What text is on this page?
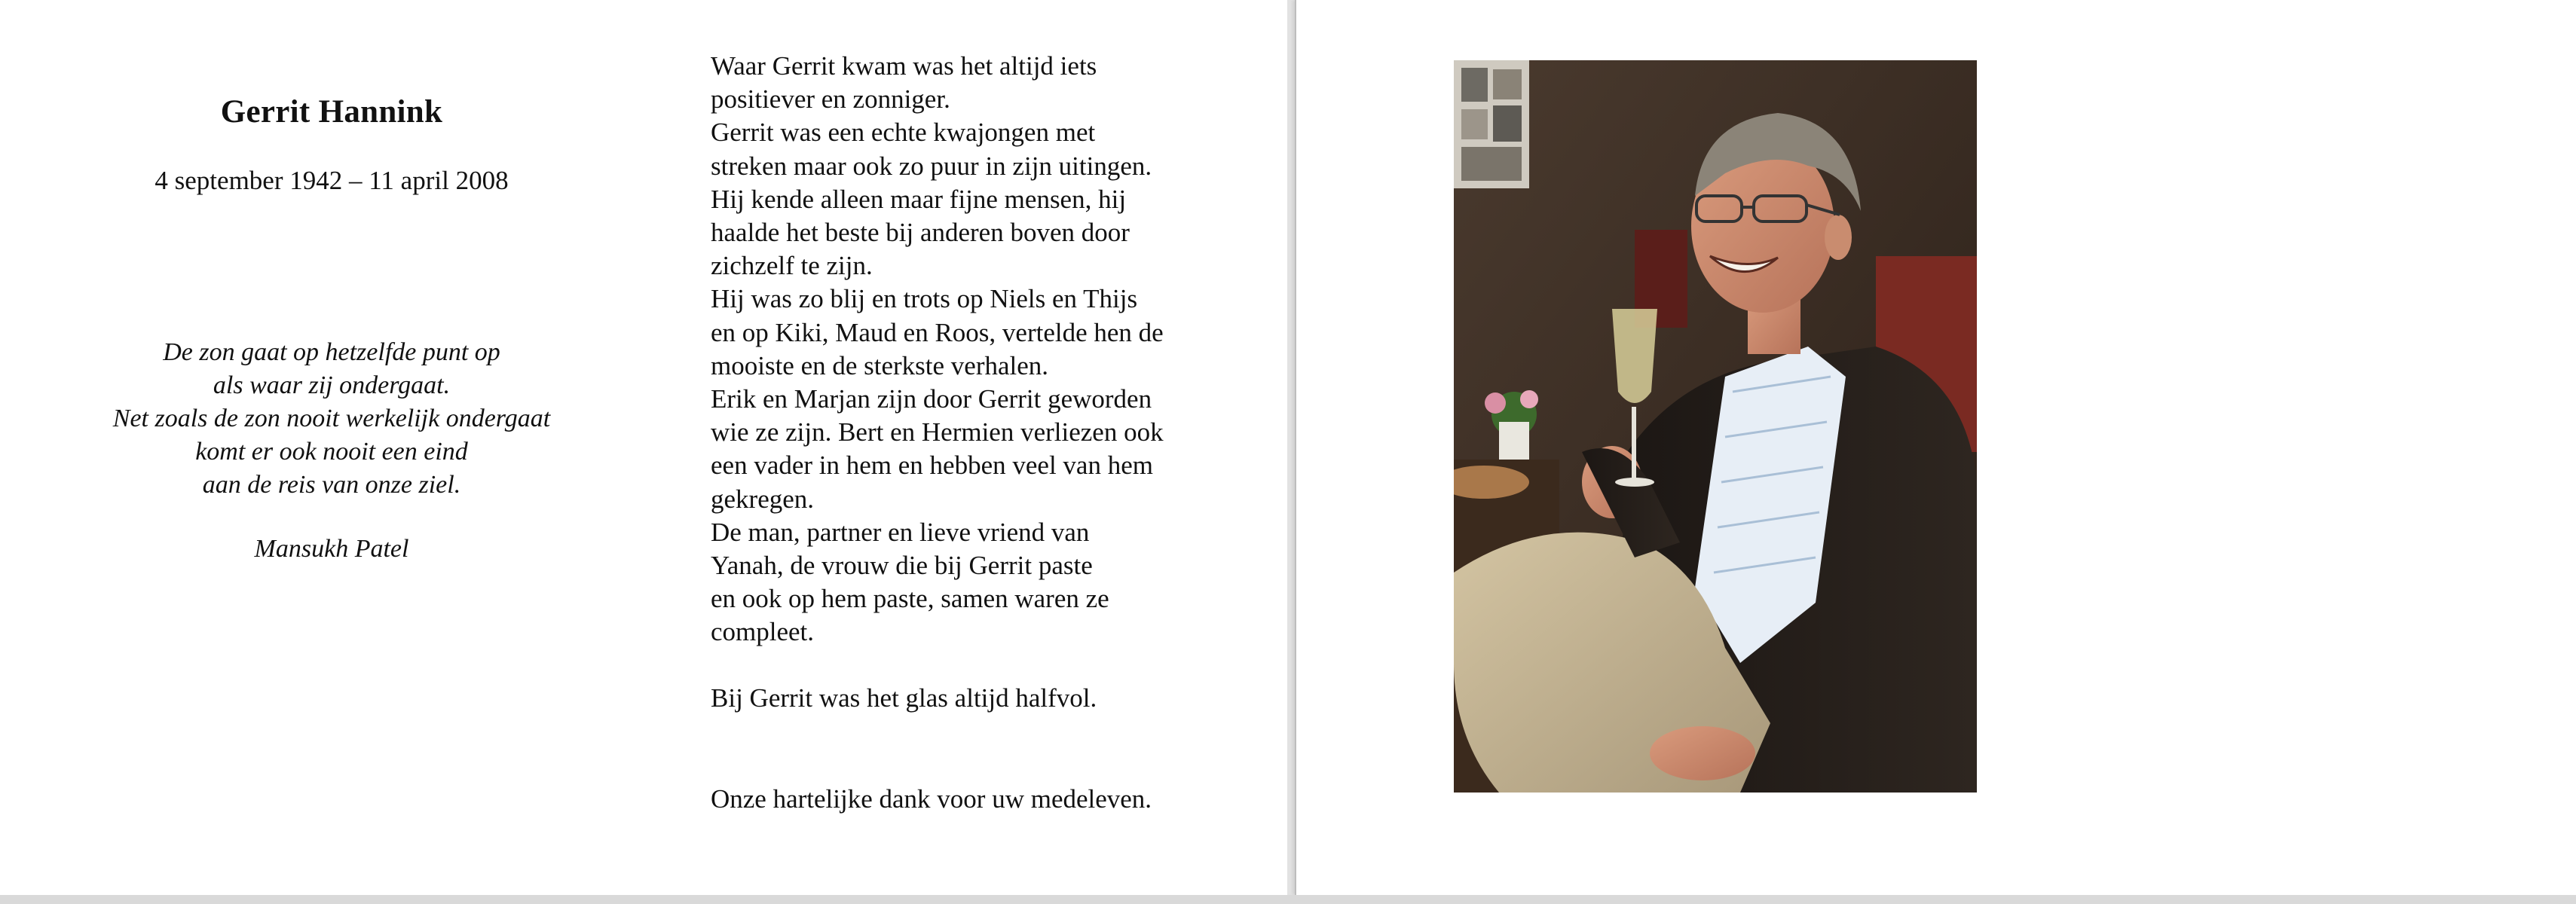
Gerrit Hannink

4 september 1942 – 11 april 2008

De zon gaat op hetzelfde punt op
als waar zij ondergaat.
Net zoals de zon nooit werkelijk ondergaat
komt er ook nooit een eind
aan de reis van onze ziel.
Mansukh Patel
Waar Gerrit kwam was het altijd iets
positiever en zonniger.
Gerrit was een echte kwajongen met
streken maar ook zo puur in zijn uitingen.
Hij kende alleen maar fijne mensen, hij
haalde het beste bij anderen boven door
zichzelf te zijn.
Hij was zo blij en trots op Niels en Thijs
en op Kiki, Maud en Roos, vertelde hen de
mooiste en de sterkste verhalen.
Erik en Marjan zijn door Gerrit geworden
wie ze zijn. Bert en Hermien verliezen ook
een vader in hem en hebben veel van hem
gekregen.
De man, partner en lieve vriend van
Yanah, de vrouw die bij Gerrit paste
en ook op hem paste, samen waren ze
compleet.
Bij Gerrit was het glas altijd halfvol.
Onze hartelijke dank voor uw medeleven.
